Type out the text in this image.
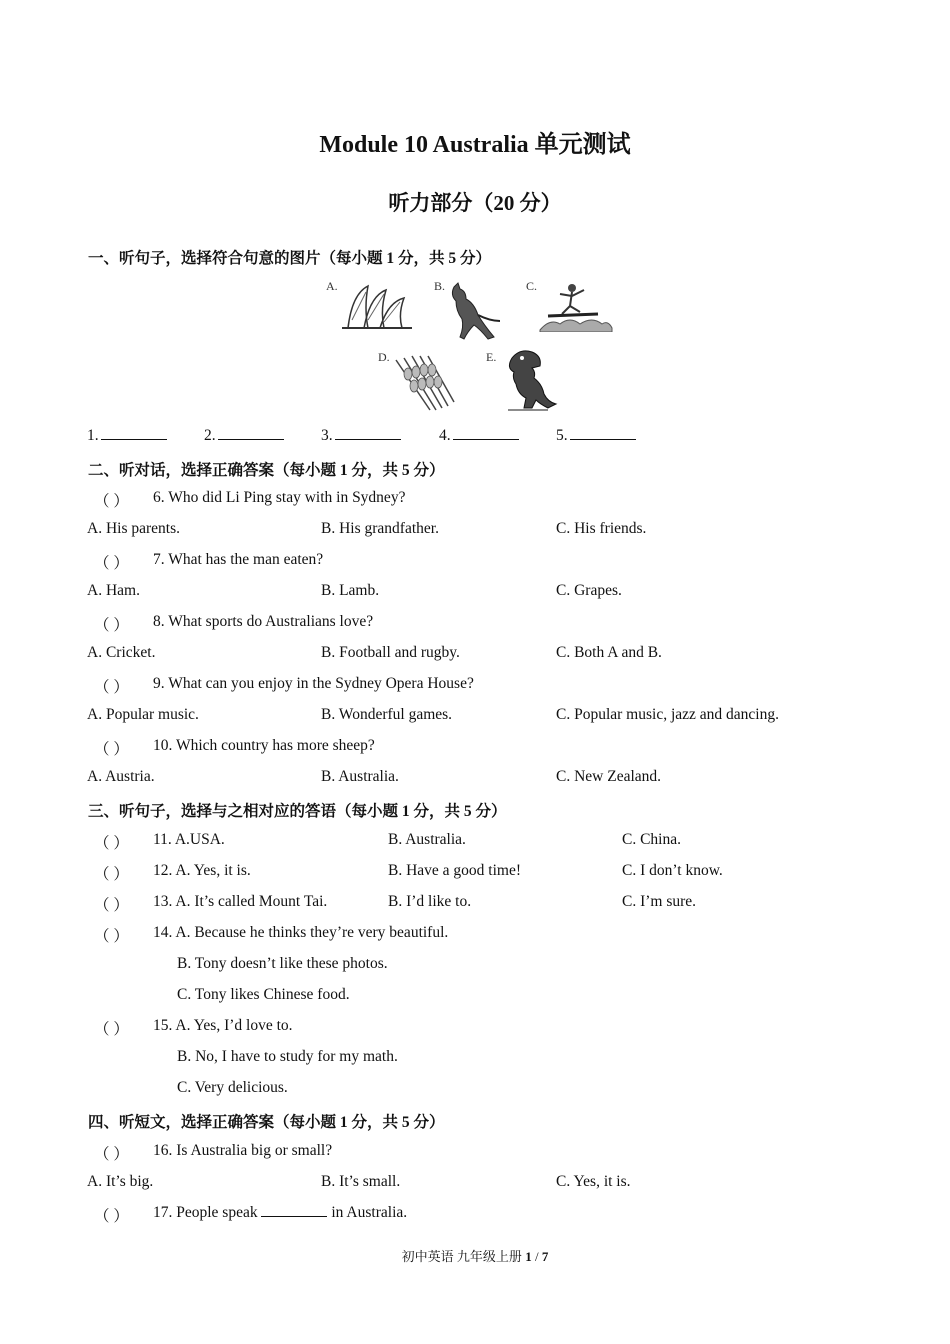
Module 10 Australia 单元测试
听力部分（20 分）
一、听句子，选择符合句意的图片（每小题 1 分，共 5 分）
A.	B.	C.
D.	E.
1.	2.	3.	4.	5.
二、听对话，选择正确答案（每小题 1 分，共 5 分）
（ ） 6. Who did Li Ping stay with in Sydney?
A. His parents.	B. His grandfather.	C. His friends.
（ ） 7. What has the man eaten?
A. Ham.	B. Lamb.	C. Grapes.
（ ） 8. What sports do Australians love?
A. Cricket.	B. Football and rugby.	C. Both A and B.
（ ） 9. What can you enjoy in the Sydney Opera House?
A. Popular music.	B. Wonderful games.	C. Popular music, jazz and dancing.
（ ） 10. Which country has more sheep?
A. Austria.	B. Australia.	C. New Zealand.
三、听句子，选择与之相对应的答语（每小题 1 分，共 5 分）
（ ） 11. A.USA.	B. Australia.	C. China.
（ ） 12. A. Yes, it is.	B. Have a good time!	C. I don’t know.
（ ） 13. A. It’s called Mount Tai.	B. I’d like to.	C. I’m sure.
（ ） 14. A. Because he thinks they’re very beautiful.
B. Tony doesn’t like these photos.
C. Tony likes Chinese food.
（ ） 15. A. Yes, I’d love to.
B. No, I have to study for my math.
C. Very delicious.
四、听短文，选择正确答案（每小题 1 分，共 5 分）
（ ） 16. Is Australia big or small?
A. It’s big.	B. It’s small.	C. Yes, it is.
（ ） 17. People speak	in Australia.
初中英语 九年级上册 1 / 7
